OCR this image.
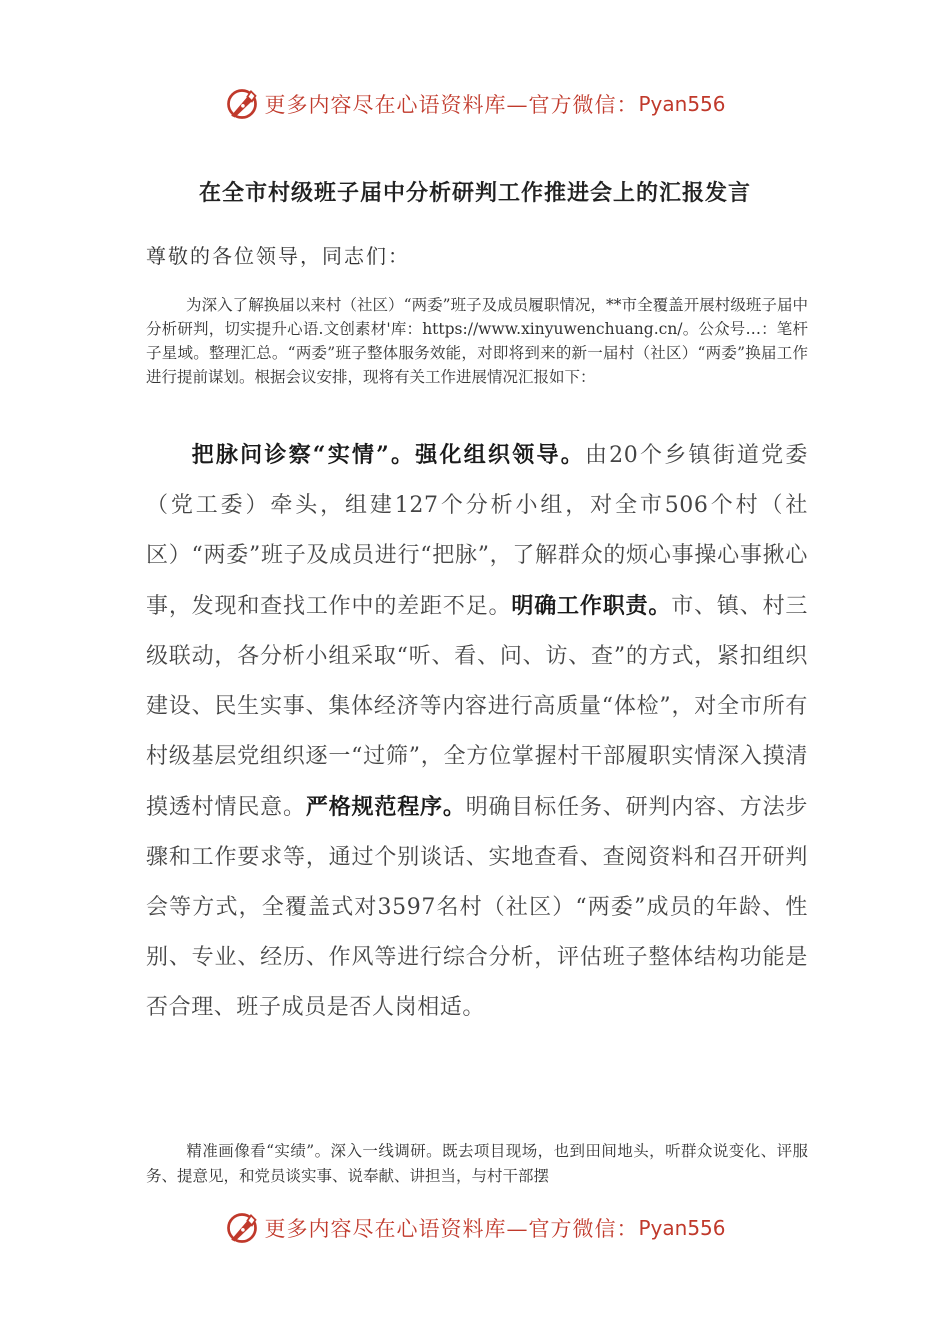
更多内容尽在心语资料库—官方微信： Pyan556
在全市村级班子届中分析研判工作推进会上的汇报发言
尊敬的各位领导，同志们：

为深入了解换届以来村（社区）“两委”班子及成员履职情况，**市全覆盖开展村级班子届中分析研判，切实提升心语.文创素材'库：https://www.xinyuwenchuang.cn/。公众号…：笔杆子星域。整理汇总。“两委”班子整体服务效能，对即将到来的新一届村（社区）“两委”换届工作进行提前谋划。根据会议安排，现将有关工作进展情况汇报如下：

把脉问诊察“实情”。强化组织领导。由20个乡镇街道党委（党工委）牵头，组建127个分析小组，对全市506个村（社区）“两委”班子及成员进行“把脉”，了解群众的烦心事操心事揪心事，发现和查找工作中的差距不足。明确工作职责。市、镇、村三级联动，各分析小组采取“听、看、问、访、查”的方式，紧扣组织建设、民生实事、集体经济等内容进行高质量“体检”，对全市所有村级基层党组织逐一“过筛”，全方位掌握村干部履职实情深入摸清摸透村情民意。严格规范程序。明确目标任务、研判内容、方法步骤和工作要求等，通过个别谈话、实地查看、查阅资料和召开研判会等方式，全覆盖式对3597名村（社区）“两委”成员的年龄、性别、专业、经历、作风等进行综合分析，评估班子整体结构功能是否合理、班子成员是否人岗相适。

精准画像看“实绩”。深入一线调研。既去项目现场，也到田间地头，听群众说变化、评服务、提意见，和党员谈实事、说奉献、讲担当，与村干部摆

更多内容尽在心语资料库—官方微信： Pyan556
